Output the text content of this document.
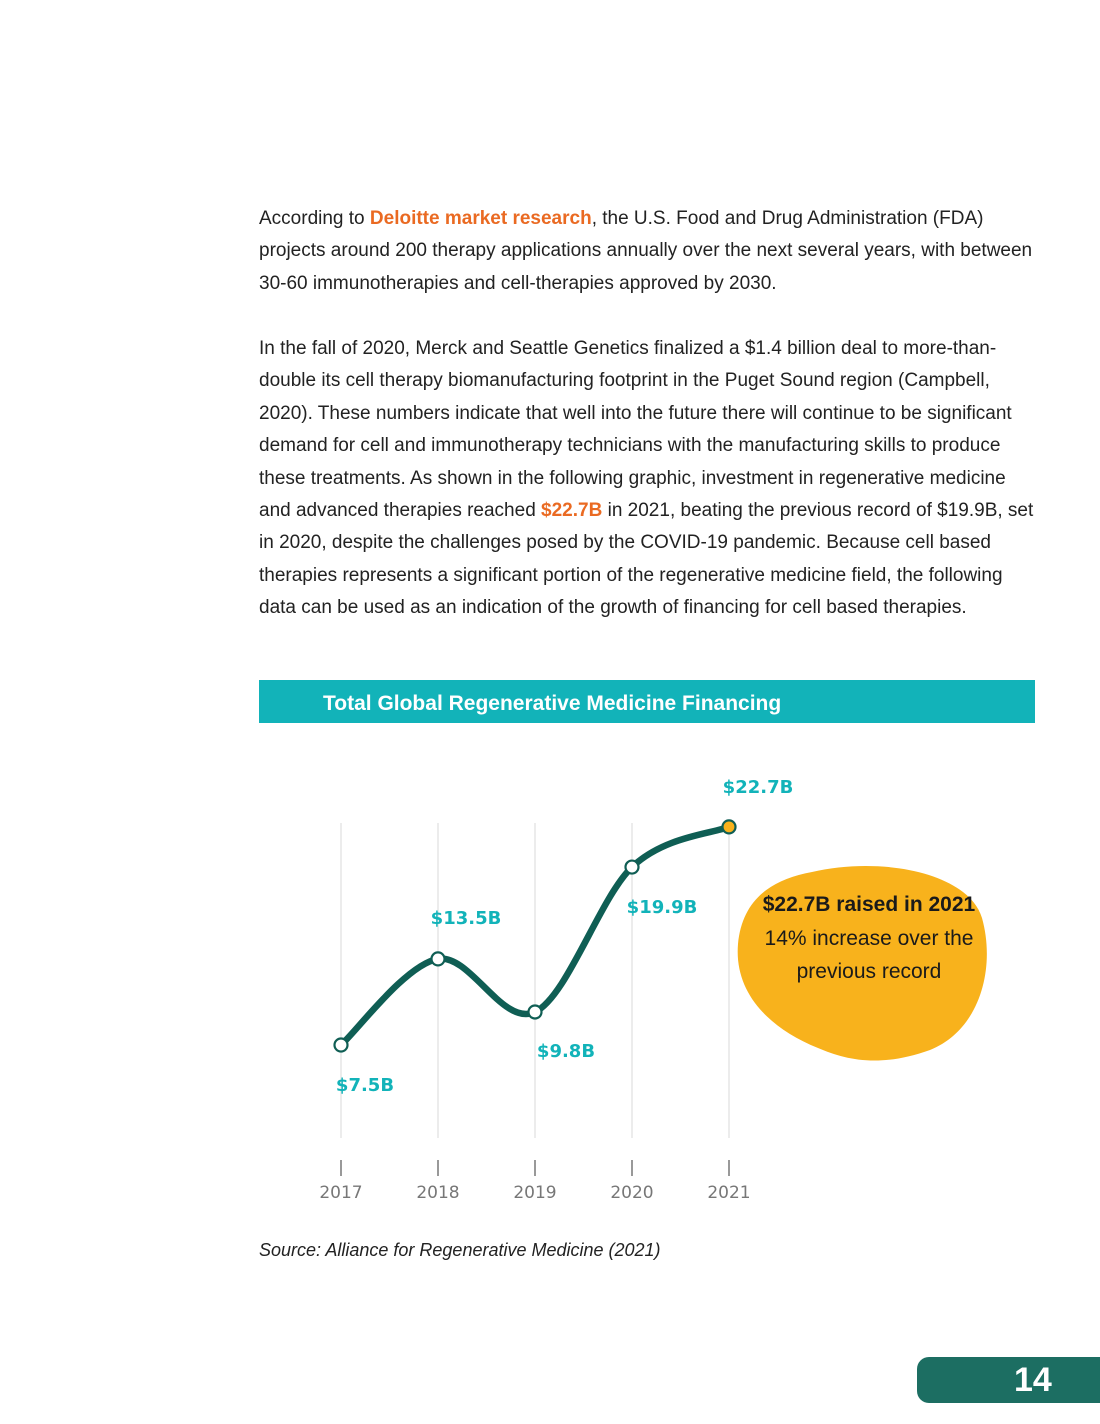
According to Deloitte market research, the U.S. Food and Drug Administration (FDA) projects around 200 therapy applications annually over the next several years, with between 30-60 immunotherapies and cell-therapies approved by 2030.

In the fall of 2020, Merck and Seattle Genetics finalized a $1.4 billion deal to more-than-double its cell therapy biomanufacturing footprint in the Puget Sound region (Campbell, 2020). These numbers indicate that well into the future there will continue to be significant demand for cell and immunotherapy technicians with the manufacturing skills to produce these treatments. As shown in the following graphic, investment in regenerative medicine and advanced therapies reached $22.7B in 2021, beating the previous record of $19.9B, set in 2020, despite the challenges posed by the COVID-19 pandemic. Because cell based therapies represents a significant portion of the regenerative medicine field, the following data can be used as an indication of the growth of financing for cell based therapies.

Total Global Regenerative Medicine Financing
2017	2018	2019	2020	2021
$7.5B
$13.5B
$9.8B
$19.9B
$22.7B
$22.7B raised in 2021
14% increase over the previous record
Source: Alliance for Regenerative Medicine (2021)
14
